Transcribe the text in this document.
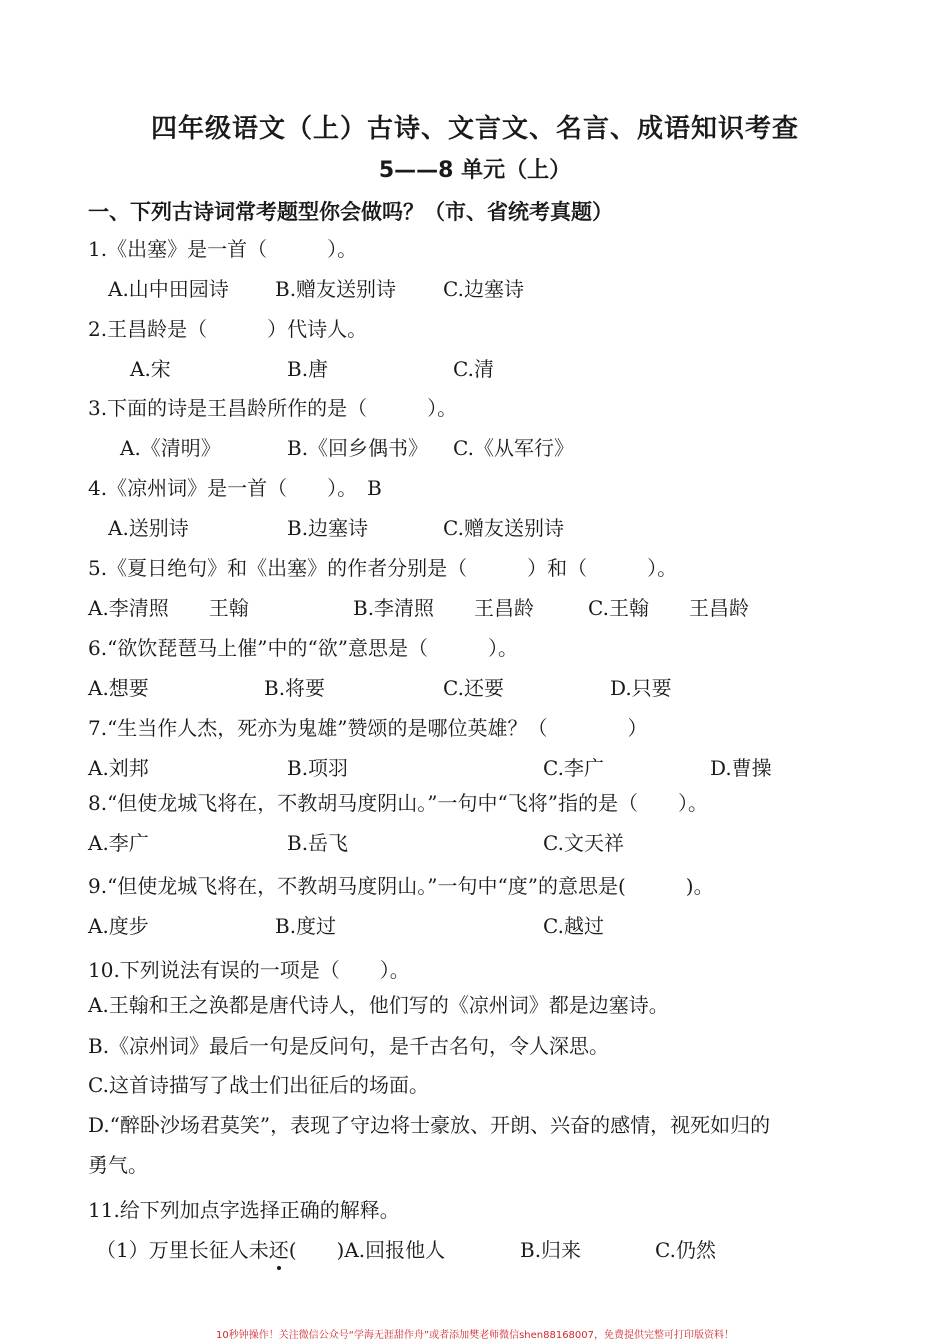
四年级语文（上）古诗、文言文、名言、成语知识考查
5——8 单元（上）
一、下列古诗词常考题型你会做吗？（市、省统考真题）
1.《出塞》是一首（　　　）。
A.山中田园诗 B.赠友送别诗 C.边塞诗
2.王昌龄是（　　　）代诗人。
A.宋	B.唐	C.清
3.下面的诗是王昌龄所作的是（　　　）。
A.《清明》	B.《回乡偶书》 C.《从军行》
4.《凉州词》是一首（　　）。　B
A.送别诗	B.边塞诗	C.赠友送别诗
5.《夏日绝句》和《出塞》的作者分别是（　　　）和（　　　）。
A.李清照　　王翰	B.李清照　　王昌龄	C.王翰　　王昌龄
6.“欲饮琵琶马上催”中的“欲”意思是（　　　）。
A.想要	B.将要	C.还要	D.只要
7.“生当作人杰，死亦为鬼雄”赞颂的是哪位英雄？（　　　　）
A.刘邦	B.项羽	C.李广	D.曹操
8.“但使龙城飞将在，不教胡马度阴山。”一句中“飞将”指的是（　　）。
A.李广	B.岳飞	C.文天祥
9.“但使龙城飞将在，不教胡马度阴山。”一句中“度”的意思是(　　　)。
A.度步	B.度过	C.越过
10.下列说法有误的一项是（　　）。
A.王翰和王之涣都是唐代诗人，他们写的《凉州词》都是边塞诗。
B.《凉州词》最后一句是反问句，是千古名句，令人深思。
C.这首诗描写了战士们出征后的场面。
D.“醉卧沙场君莫笑”，表现了守边将士豪放、开朗、兴奋的感情，视死如归的
勇气。
11.给下列加点字选择正确的解释。
（1）万里长征人未还(　　)A.回报他人	B.归来	C.仍然
10秒钟操作！关注微信公众号“学海无涯甜作舟”或者添加樊老师微信shen88168007，免费提供完整可打印版资料！
